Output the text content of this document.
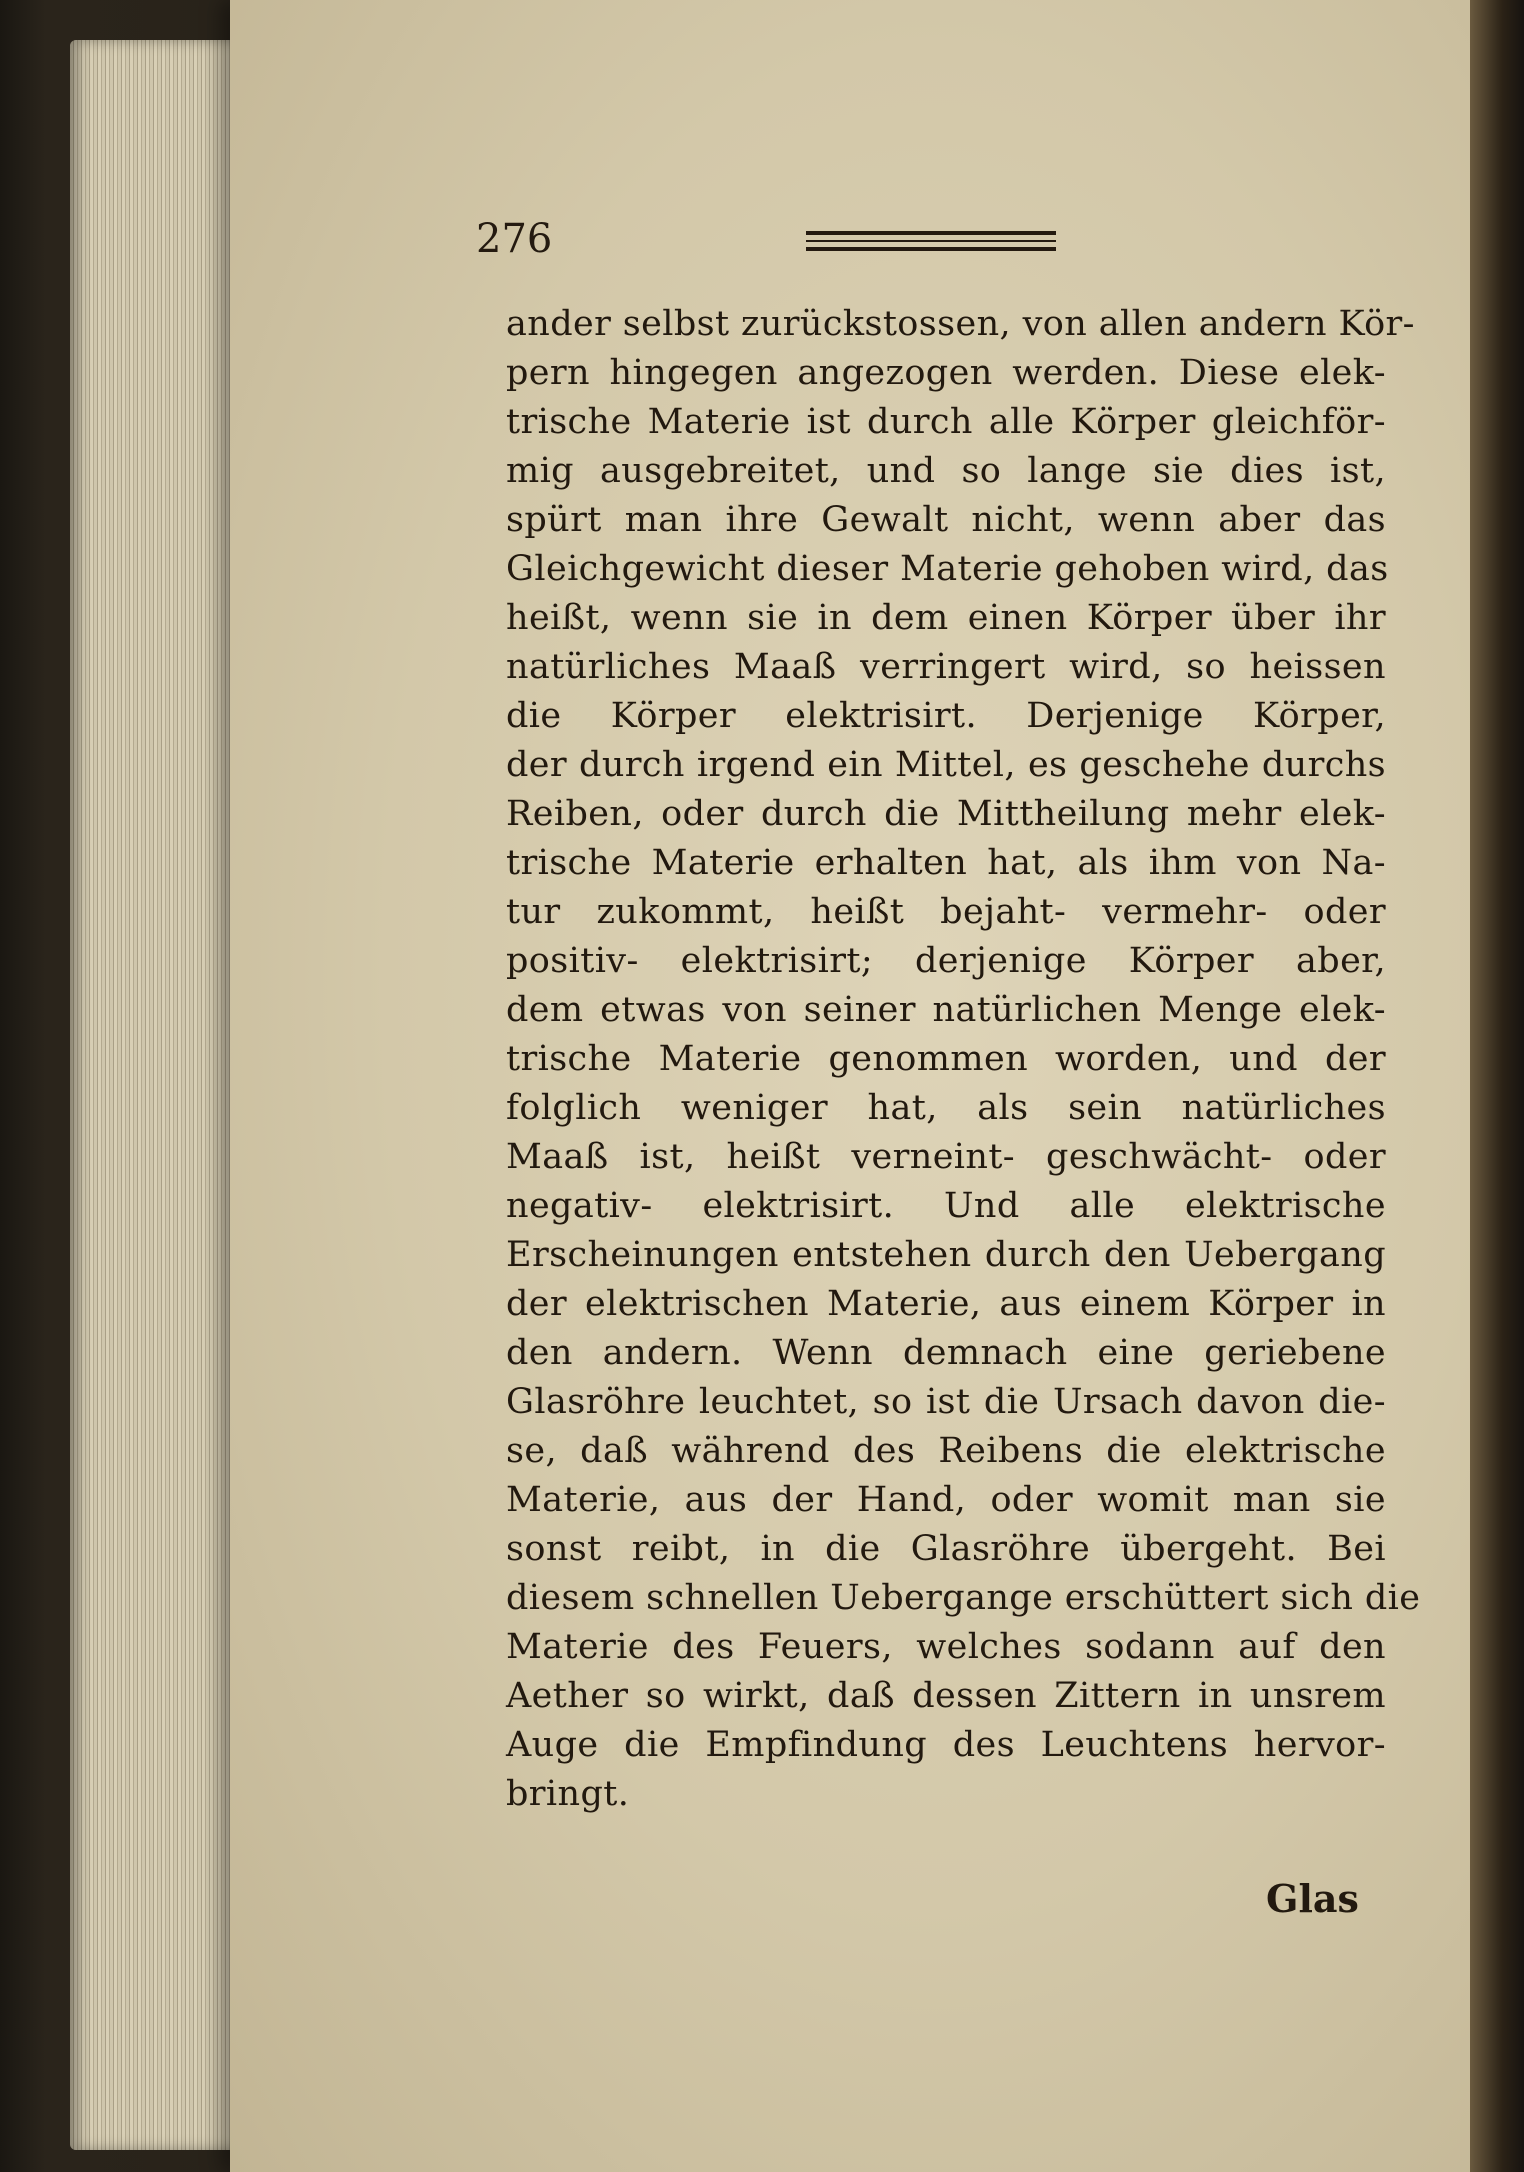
276
ander selbst zurückstossen, von allen andern Kör-
pern hingegen angezogen werden. Diese elek-
trische Materie ist durch alle Körper gleichför-
mig ausgebreitet, und so lange sie dies ist,
spürt man ihre Gewalt nicht, wenn aber das
Gleichgewicht dieser Materie gehoben wird, das
heißt, wenn sie in dem einen Körper über ihr
natürliches Maaß verringert wird, so heissen
die Körper elektrisirt. Derjenige Körper,
der durch irgend ein Mittel, es geschehe durchs
Reiben, oder durch die Mittheilung mehr elek-
trische Materie erhalten hat, als ihm von Na-
tur zukommt, heißt bejaht- vermehr- oder
positiv- elektrisirt; derjenige Körper aber,
dem etwas von seiner natürlichen Menge elek-
trische Materie genommen worden, und der
folglich weniger hat, als sein natürliches
Maaß ist, heißt verneint- geschwächt- oder
negativ- elektrisirt. Und alle elektrische
Erscheinungen entstehen durch den Uebergang
der elektrischen Materie, aus einem Körper in
den andern. Wenn demnach eine geriebene
Glasröhre leuchtet, so ist die Ursach davon die-
se, daß während des Reibens die elektrische
Materie, aus der Hand, oder womit man sie
sonst reibt, in die Glasröhre übergeht. Bei
diesem schnellen Uebergange erschüttert sich die
Materie des Feuers, welches sodann auf den
Aether so wirkt, daß dessen Zittern in unsrem
Auge die Empfindung des Leuchtens hervor-
bringt.
Glas
